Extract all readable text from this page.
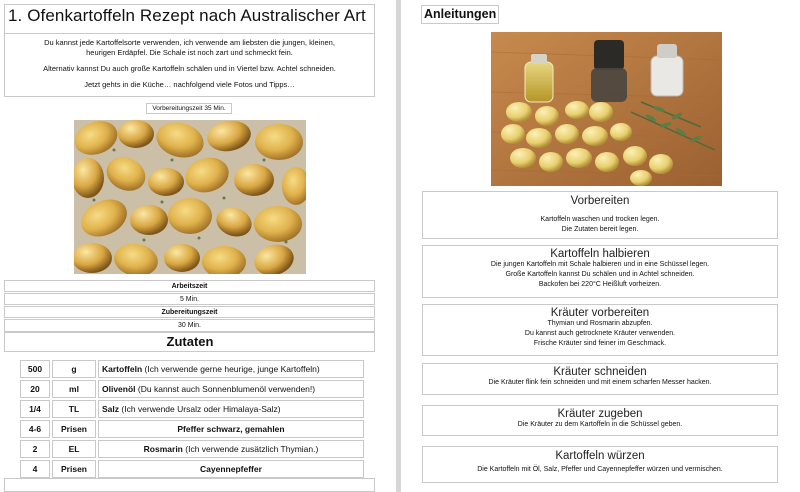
1. Ofenkartoffeln Rezept nach Australischer Art

Du kannst jede Kartoffelsorte verwenden, ich verwende am liebsten die jungen, kleinen,

heurigen Erdäpfel. Die Schale ist noch zart und schmeckt fein.

Alternativ kannst Du auch große Kartoffeln schälen und in Viertel bzw. Achtel schneiden.

Jetzt gehts in die Küche… nachfolgend viele Fotos und Tipps…

Vorbereitungszeit 35 Min.
Arbeitszeit
5 Min.
Zubereitungszeit
30 Min.
Zutaten
500	g	Kartoffeln (Ich verwende gerne heurige, junge Kartoffeln)
20	ml	Olivenöl (Du kannst auch Sonnenblumenöl verwenden!)
1/4	TL	Salz (Ich verwende Ursalz oder Himalaya-Salz)
4-6	Prisen	Pfeffer schwarz, gemahlen
2	EL	Rosmarin (Ich verwende zusätzlich Thymian.)
4	Prisen	Cayennepfeffer
Anleitungen
Vorbereiten
Kartoffeln waschen und trocken legen.
Die Zutaten bereit legen.
Kartoffeln halbieren
Die jungen Kartoffeln mit Schale halbieren und in eine Schüssel legen.
Große Kartoffeln kannst Du schälen und in Achtel schneiden.
Backofen bei 220°C Heißluft vorheizen.
Kräuter vorbereiten
Thymian und Rosmarin abzupfen.
Du kannst auch getrocknete Kräuter verwenden.
Frische Kräuter sind feiner im Geschmack.
Kräuter schneiden
Die Kräuter flink fein schneiden und mit einem scharfen Messer hacken.
Kräuter zugeben
Die Kräuter zu dem Kartoffeln in die Schüssel geben.
Kartoffeln würzen
Die Kartoffeln mit Öl, Salz, Pfeffer und Cayennepfeffer würzen und vermischen.
